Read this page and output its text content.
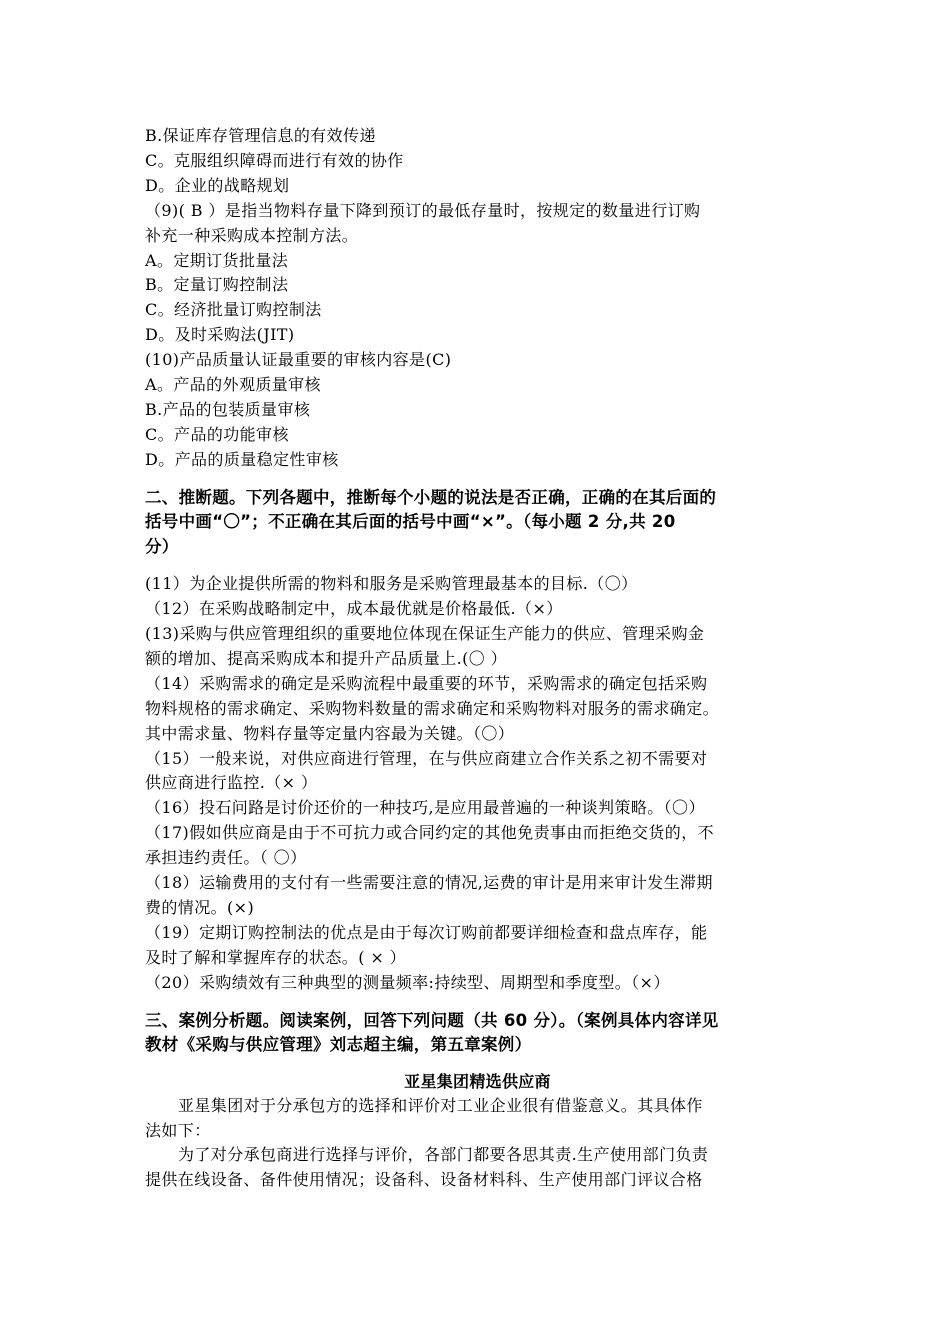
B.保证库存管理信息的有效传递
C。克服组织障碍而进行有效的协作
D。企业的战略规划
（9)( B ）是指当物料存量下降到预订的最低存量时，按规定的数量进行订购
补充一种采购成本控制方法。
A。定期订货批量法
B。定量订购控制法
C。经济批量订购控制法
D。及时采购法(JIT)
(10)产品质量认证最重要的审核内容是(C)
A。产品的外观质量审核
B.产品的包装质量审核
C。产品的功能审核
D。产品的质量稳定性审核
二、推断题。下列各题中，推断每个小题的说法是否正确，正确的在其后面的
括号中画“〇”；不正确在其后面的括号中画“×”。（每小题 2 分,共 20
分）
(11）为企业提供所需的物料和服务是采购管理最基本的目标.（〇）
（12）在采购战略制定中，成本最优就是价格最低.（×）
(13)采购与供应管理组织的重要地位体现在保证生产能力的供应、管理采购金
额的增加、提高采购成本和提升产品质量上.(〇 ）
（14）采购需求的确定是采购流程中最重要的环节，采购需求的确定包括采购
物料规格的需求确定、采购物料数量的需求确定和采购物料对服务的需求确定。
其中需求量、物料存量等定量内容最为关键。（〇）
（15）一般来说，对供应商进行管理，在与供应商建立合作关系之初不需要对
供应商进行监控.（× ）
（16）投石问路是讨价还价的一种技巧,是应用最普遍的一种谈判策略。（〇）
（17)假如供应商是由于不可抗力或合同约定的其他免责事由而拒绝交货的，不
承担违约责任。（ 〇）
（18）运输费用的支付有一些需要注意的情况,运费的审计是用来审计发生滞期
费的情况。(×)
（19）定期订购控制法的优点是由于每次订购前都要详细检查和盘点库存，能
及时了解和掌握库存的状态。( × ）
（20）采购绩效有三种典型的测量频率:持续型、周期型和季度型。（×）
三、案例分析题。阅读案例，回答下列问题（共 60 分）。（案例具体内容详见
教材《采购与供应管理》刘志超主编，第五章案例）
亚星集团精选供应商
亚星集团对于分承包方的选择和评价对工业企业很有借鉴意义。其具体作
法如下：
为了对分承包商进行选择与评价，各部门都要各思其责.生产使用部门负责
提供在线设备、备件使用情况；设备科、设备材料科、生产使用部门评议合格
